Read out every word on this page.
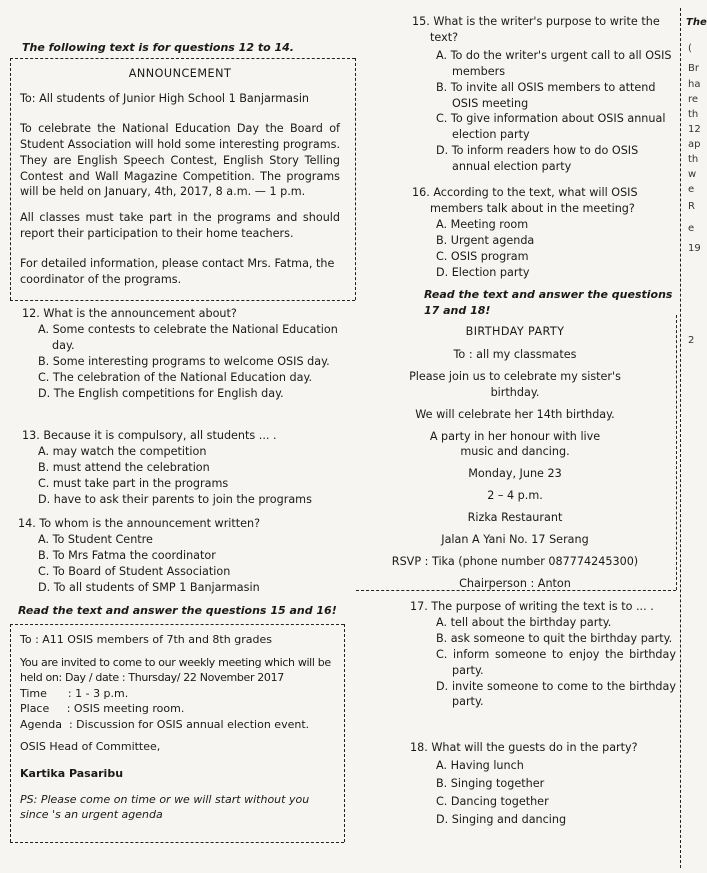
The following text is for questions 12 to 14.
ANNOUNCEMENT
To: All students of Junior High School 1 Banjarmasin
To celebrate the National Education Day the Board of Student Association will hold some interesting programs. They are English Speech Contest, English Story Telling Contest and Wall Magazine Competition. The programs will be held on January, 4th, 2017, 8 a.m. — 1 p.m.
All classes must take part in the programs and should report their participation to their home teachers.
For detailed information, please contact Mrs. Fatma, the coordinator of the programs.

12. What is the announcement about?

A. Some contests to celebrate the National Education day.

B. Some interesting programs to welcome OSIS day.

C. The celebration of the National Education day.

D. The English competitions for English day.

13. Because it is compulsory, all students ... .

A. may watch the competition

B. must attend the celebration

C. must take part in the programs

D. have to ask their parents to join the programs

14. To whom is the announcement written?

A. To Student Centre

B. To Mrs Fatma the coordinator

C. To Board of Student Association

D. To all students of SMP 1 Banjarmasin

Read the text and answer the questions 15 and 16!
To : A11 OSIS members of 7th and 8th grades
You are invited to come to our weekly meeting which will be held on: Day / date : Thursday/ 22 November 2017
Time      : 1 - 3 p.m.
Place     : OSIS meeting room.
Agenda  : Discussion for OSIS annual election event.
OSIS Head of Committee,
Kartika Pasaribu
PS: Please come on time or we will start without you since 's an urgent agenda

15. What is the writer's purpose to write the text?

A. To do the writer's urgent call to all OSIS members

B. To invite all OSIS members to attend OSIS meeting

C. To give information about OSIS annual election party

D. To inform readers how to do OSIS annual election party

16. According to the text, what will OSIS members talk about in the meeting?

A. Meeting room

B. Urgent agenda

C. OSIS program

D. Election party

Read the text and answer the questions 17 and 18!
BIRTHDAY PARTY
To : all my classmates
Please join us to celebrate my sister's birthday.
We will celebrate her 14th birthday.
A party in her honour with live music and dancing.
Monday, June 23
2 – 4 p.m.
Rizka Restaurant
Jalan A Yani No. 17 Serang
RSVP : Tika (phone number 087774245300)
Chairperson : Anton

17. The purpose of writing the text is to ... .

A. tell about the birthday party.

B. ask someone to quit the birthday party.

C. inform someone to enjoy the birthday party.

D. invite someone to come to the birthday party.

18. What will the guests do in the party?

A. Having lunch

B. Singing together

C. Dancing together

D. Singing and dancing

The
(
Br
ha
re
th
12
ap
th
w
e
R
e
19
2
